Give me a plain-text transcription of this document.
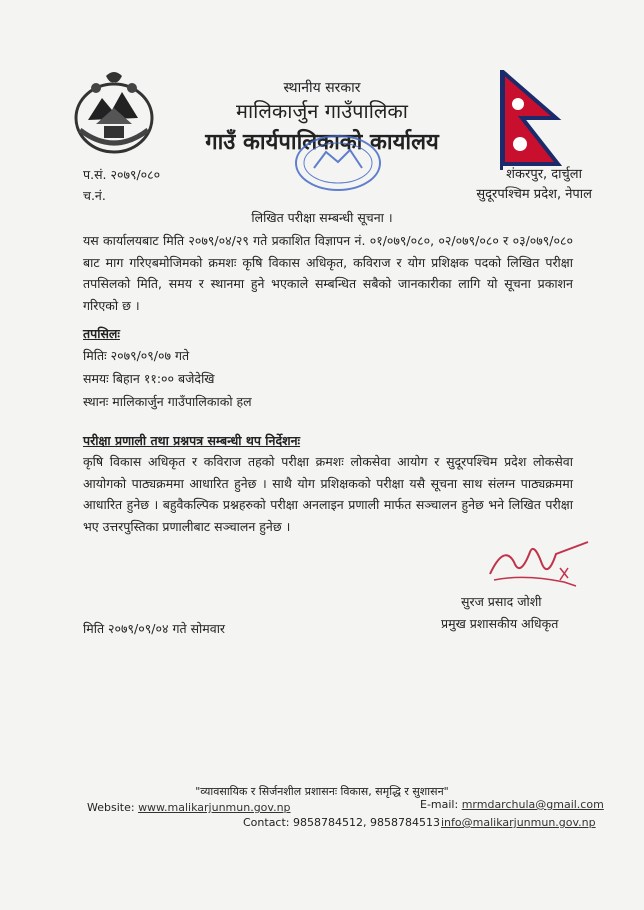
स्थानीय सरकार
मालिकार्जुन गाउँपालिका
गाउँ कार्यपालिकाको कार्यालय
प.सं. २०७९/०८०
च.नं.
शंकरपुर, दार्चुला
सुदूरपश्चिम प्रदेश, नेपाल
लिखित परीक्षा सम्बन्धी सूचना ।
यस कार्यालयबाट मिति २०७९/०४/२९ गते प्रकाशित विज्ञापन नं. ०१/०७९/०८०, ०२/०७९/०८० र ०३/०७९/०८० बाट माग गरिएबमोजिमको क्रमशः कृषि विकास अधिकृत, कविराज र योग प्रशिक्षक पदको लिखित परीक्षा तपसिलको मिति, समय र स्थानमा हुने भएकाले सम्बन्धित सबैको जानकारीका लागि यो सूचना प्रकाशन गरिएको छ ।
तपसिलः
मितिः २०७९/०९/०७ गते
समयः बिहान ११:०० बजेदेखि
स्थानः मालिकार्जुन गाउँपालिकाको हल
परीक्षा प्रणाली तथा प्रश्नपत्र सम्बन्धी थप निर्देशनः
कृषि विकास अधिकृत र कविराज तहको परीक्षा क्रमशः लोकसेवा आयोग र सुदूरपश्चिम प्रदेश लोकसेवा आयोगको पाठ्यक्रममा आधारित हुनेछ । साथै योग प्रशिक्षकको परीक्षा यसै सूचना साथ संलग्न पाठ्यक्रममा आधारित हुनेछ । बहुवैकल्पिक प्रश्नहरुको परीक्षा अनलाइन प्रणाली मार्फत सञ्चालन हुनेछ भने लिखित परीक्षा भए उत्तरपुस्तिका प्रणालीबाट सञ्चालन हुनेछ ।
सुरज प्रसाद जोशी
प्रमुख प्रशासकीय अधिकृत
मिति २०७९/०९/०४ गते सोमवार
"व्यावसायिक र सिर्जनशील प्रशासनः विकास, समृद्धि र सुशासन"
Website: www.malikarjunmun.gov.np	E-mail: mrmdarchula@gmail.com
Contact: 9858784512, 9858784513 info@malikarjunmun.gov.np
